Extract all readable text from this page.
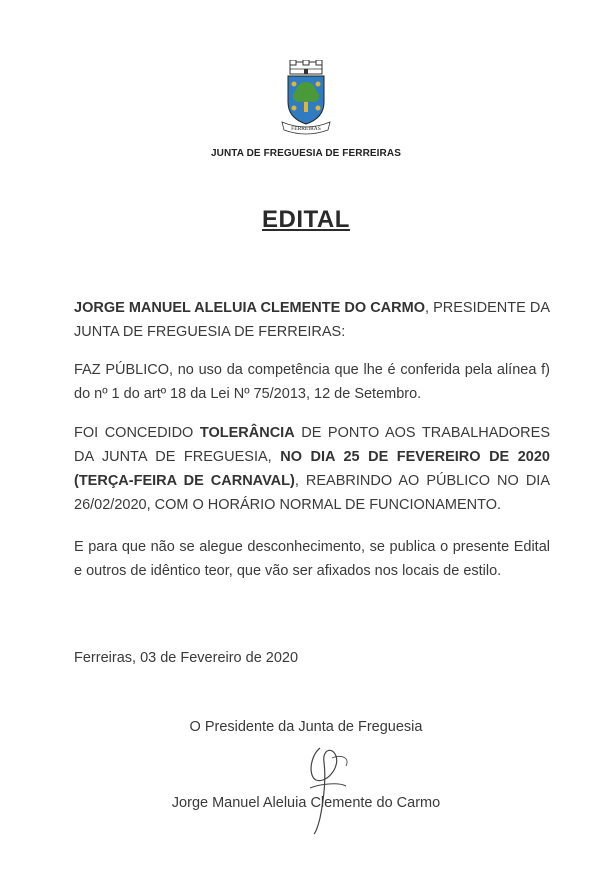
FERREIRAS
JUNTA DE FREGUESIA DE FERREIRAS
EDITAL
JORGE MANUEL ALELUIA CLEMENTE DO CARMO, PRESIDENTE DA JUNTA DE FREGUESIA DE FERREIRAS:
FAZ PÚBLICO, no uso da competência que lhe é conferida pela alínea f) do nº 1 do artº 18 da Lei Nº 75/2013, 12 de Setembro.
FOI CONCEDIDO TOLERÂNCIA DE PONTO AOS TRABALHADORES DA JUNTA DE FREGUESIA, NO DIA 25 DE FEVEREIRO DE 2020 (TERÇA-FEIRA DE CARNAVAL), REABRINDO AO PÚBLICO NO DIA 26/02/2020, COM O HORÁRIO NORMAL DE FUNCIONAMENTO.
E para que não se alegue desconhecimento, se publica o presente Edital e outros de idêntico teor, que vão ser afixados nos locais de estilo.
Ferreiras, 03 de Fevereiro de 2020
O Presidente da Junta de Freguesia
Jorge Manuel Aleluia Clemente do Carmo
